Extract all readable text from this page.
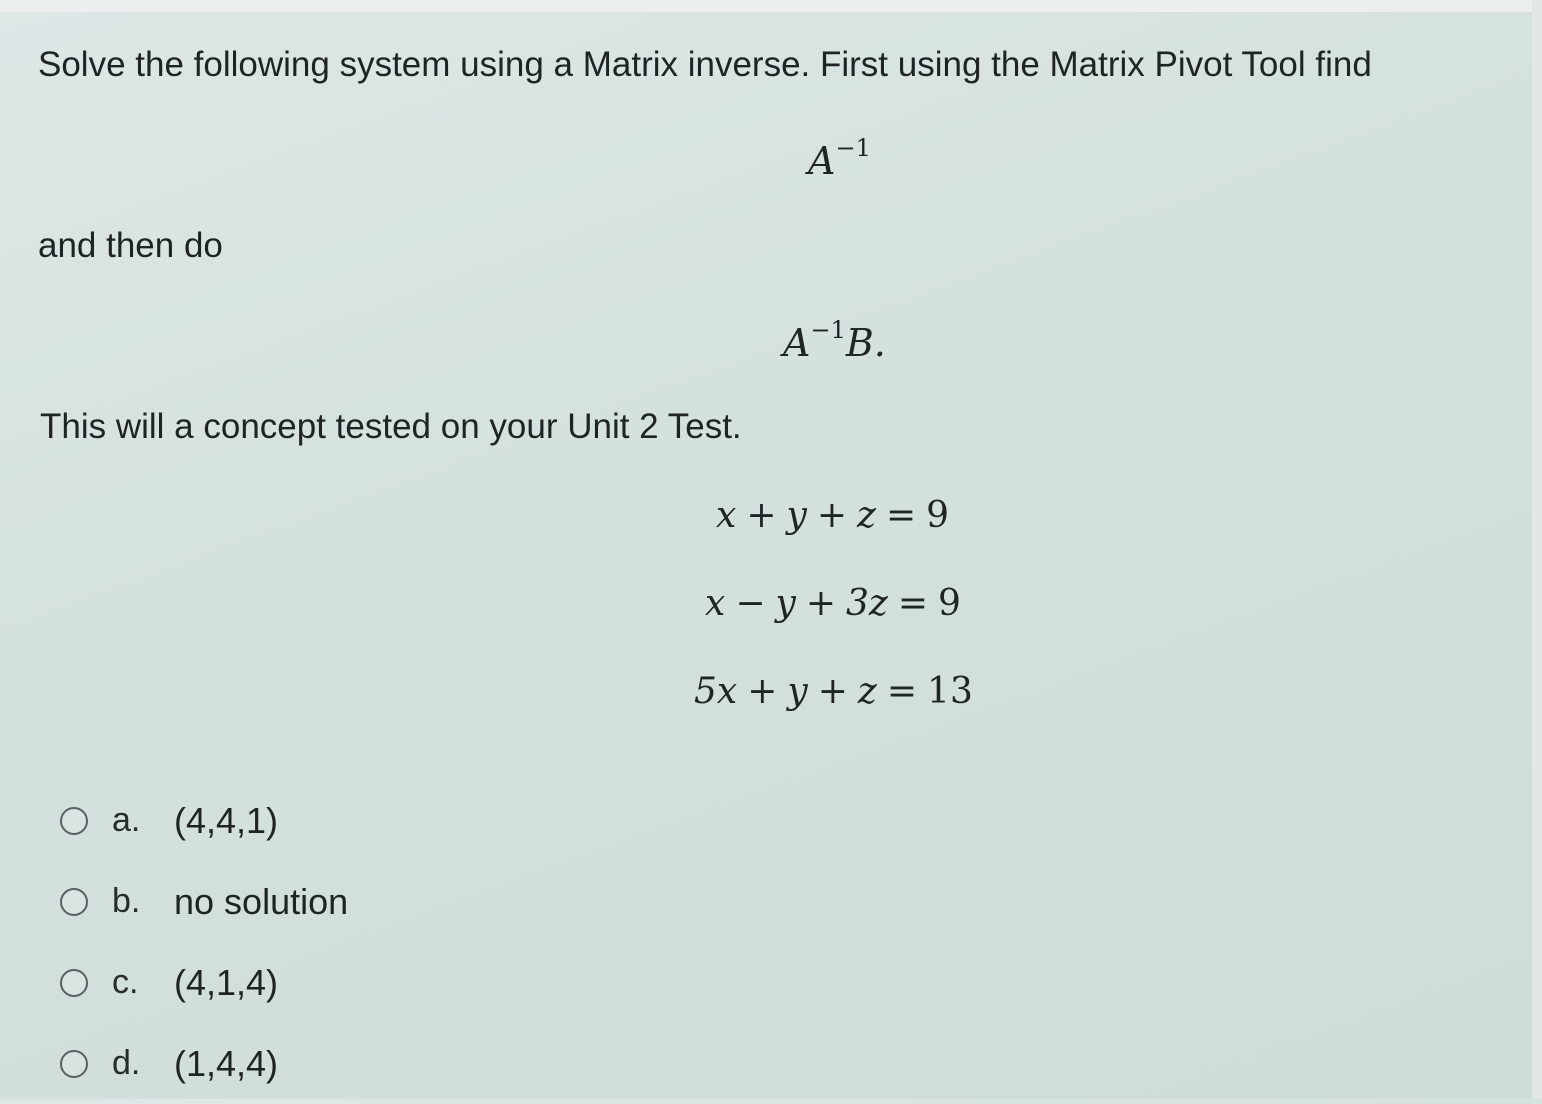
Solve the following system using a Matrix inverse. First using the Matrix Pivot Tool find
$A^{-1}$
and then do
$A^{-1}B$.
This will a concept tested on your Unit 2 Test.
x + y + z = 9
x − y + 3z = 9
5x + y + z = 13
a. (4,4,1)
b. no solution
c. (4,1,4)
d. (1,4,4)
